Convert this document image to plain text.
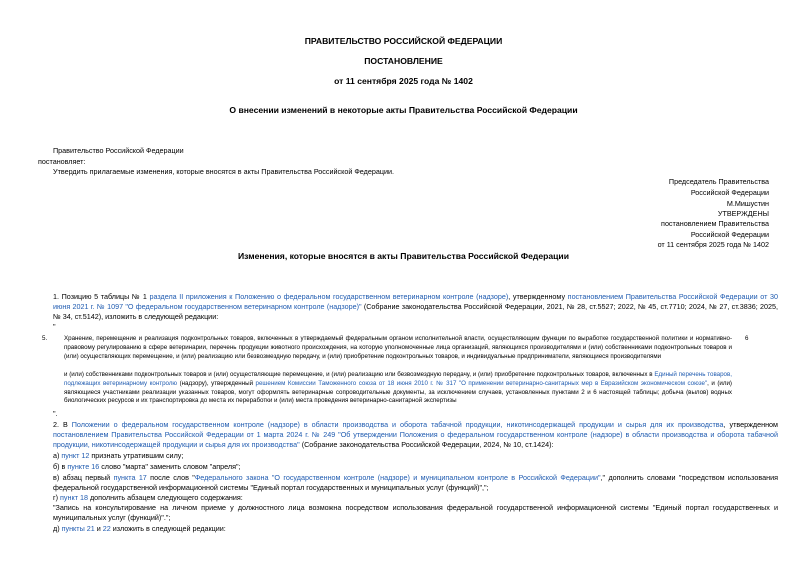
ПРАВИТЕЛЬСТВО РОССИЙСКОЙ ФЕДЕРАЦИИ
ПОСТАНОВЛЕНИЕ
от 11 сентября 2025 года № 1402
О внесении изменений в некоторые акты Правительства Российской Федерации
Правительство Российской Федерации
постановляет:
Утвердить прилагаемые изменения, которые вносятся в акты Правительства Российской Федерации.
Председатель Правительства
Российской Федерации
М.Мишустин
УТВЕРЖДЕНЫ
постановлением Правительства
Российской Федерации
от 11 сентября 2025 года № 1402
Изменения, которые вносятся в акты Правительства Российской Федерации
1. Позицию 5 таблицы № 1 раздела II приложения к Положению о федеральном государственном ветеринарном контроле (надзоре), утвержденному постановлением Правительства Российской Федерации от 30 июня 2021 г. № 1097 "О федеральном государственном ветеринарном контроле (надзоре)" (Собрание законодательства Российской Федерации, 2021, № 28, ст.5527; 2022, № 45, ст.7710; 2024, № 27, ст.3836; 2025, № 34, ст.5142), изложить в следующей редакции:
"
5.	6
Хранение, перемещение и реализация подконтрольных товаров, включенных в утверждаемый федеральным органом исполнительной власти, осуществляющим функции по выработке государственной политики и нормативно-правовому регулированию в сфере ветеринарии, перечень продукции животного происхождения, на которую уполномоченные лица организаций, являющихся производителями и (или) собственниками подконтрольных товаров и (или) осуществляющих перемещение, и (или) реализацию или безвозмездную передачу, и (или) приобретение подконтрольных товаров, и индивидуальные предприниматели, являющиеся производителями
и (или) собственниками подконтрольных товаров и (или) осуществляющие перемещение, и (или) реализацию или безвозмездную передачу, и (или) приобретение подконтрольных товаров, включенных в Единый перечень товаров, подлежащих ветеринарному контролю (надзору), утвержденный решением Комиссии Таможенного союза от 18 июня 2010 г. № 317 "О применении ветеринарно-санитарных мер в Евразийском экономическом союзе", и (или) являющиеся участниками реализации указанных товаров, могут оформлять ветеринарные сопроводительные документы, за исключением случаев, установленных пунктами 2 и 6 настоящей таблицы; добыча (вылов) водных биологических ресурсов и их транспортировка до места их переработки и (или) места проведения ветеринарно-санитарной экспертизы
".
2. В Положении о федеральном государственном контроле (надзоре) в области производства и оборота табачной продукции, никотинсодержащей продукции и сырья для их производства, утвержденном постановлением Правительства Российской Федерации от 1 марта 2024 г. № 249 "Об утверждении Положения о федеральном государственном контроле (надзоре) в области производства и оборота табачной продукции, никотинсодержащей продукции и сырья для их производства" (Собрание законодательства Российской Федерации, 2024, № 10, ст.1424):
а) пункт 12 признать утратившим силу;
б) в пункте 16 слово "марта" заменить словом "апреля";
в) абзац первый пункта 17 после слов "Федерального закона "О государственном контроле (надзоре) и муниципальном контроле в Российской Федерации"," дополнить словами "посредством использования федеральной государственной информационной системы "Единый портал государственных и муниципальных услуг (функций)",";
г) пункт 18 дополнить абзацем следующего содержания:
"Запись на консультирование на личном приеме у должностного лица возможна посредством использования федеральной государственной информационной системы "Единый портал государственных и муниципальных услуг (функций)".";
д) пункты 21 и 22 изложить в следующей редакции:
